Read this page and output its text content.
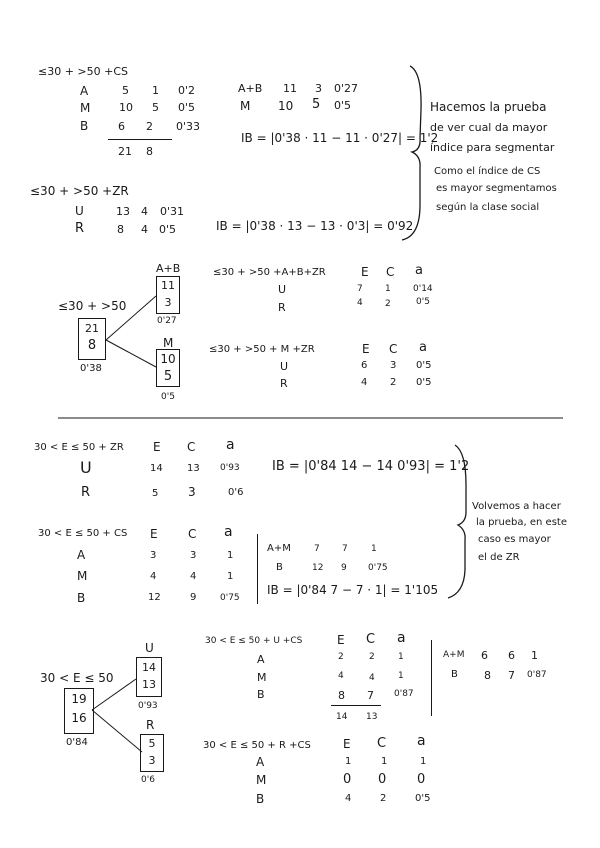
≤30 + >50 +CS
A	5 1 0'2
M	10 5 0'5
B	6 2 0'33
21 8
A+B 11 3 0'27
M 10 5 0'5
IB = |0'38 · 11 − 11 · 0'27| = 1'2
≤30 + >50 +ZR
U	13 4 0'31
R	8 4 0'5	IB = |0'38 · 13 − 13 · 0'3| = 0'92
Hacemos la prueba
de ver cual da mayor
índice para segmentar
Como el índice de CS
es mayor segmentamos
según la clase social
≤30 + >50
21
8
0'38
A+B
11
3
0'27
M
10
5
0'5
≤30 + >50 +A+B+ZR	E C a
U	7 1 0'14
R	4 2	0'5
≤30 + >50 + M +ZR	E C a
U	6 3 0'5
R	4 2 0'5
30 < E ≤ 50 + ZR E C a
U	14 13 0'93
R	5 3	0'6
IB = |0'84 14 − 14 0'93| = 1'2
30 < E ≤ 50 + CS E	C a
A	3	3	1
M	4	4	1
B	12	9	0'75
A+M	7 7	1
B	12 9 0'75
IB = |0'84 7 − 7 · 1| = 1'105
Volvemos a hacer
la prueba, en este
caso es mayor
el de ZR
30 < E ≤ 50
19
16
0'84
U
14
13
0'93
R
5
3
0'6
30 < E ≤ 50 + U +CS	E C a
A	2	2	1
M	4	4	1
B	8 7 0'87
14 13
A+M 6 6 1
B 8 7 0'87
30 < E ≤ 50 + R +CS	E C a
A	1	1	1
M	0 0 0
B	4	2	0'5
